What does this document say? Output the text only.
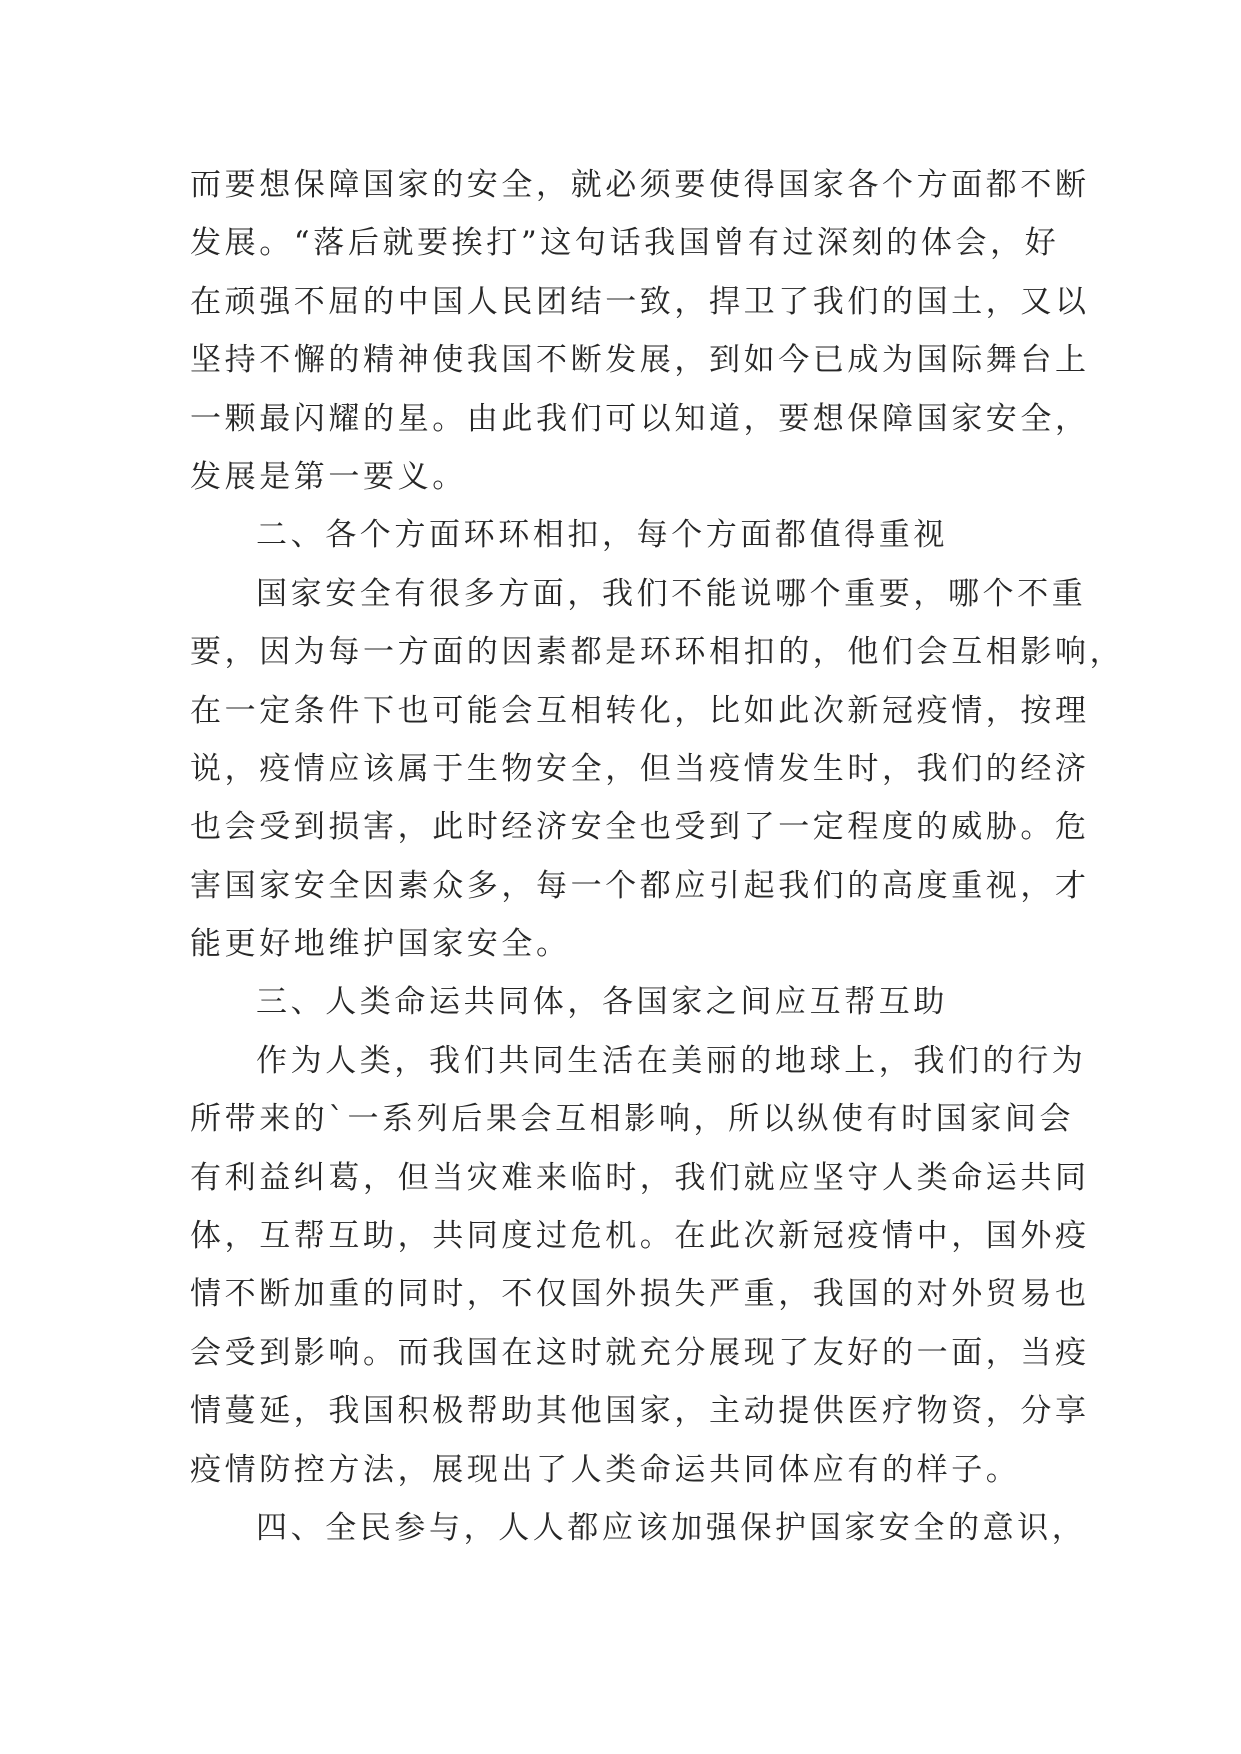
而要想保障国家的安全，就必须要使得国家各个方面都不断
发展。“落后就要挨打”这句话我国曾有过深刻的体会，好
在顽强不屈的中国人民团结一致，捍卫了我们的国土，又以
坚持不懈的精神使我国不断发展，到如今已成为国际舞台上
一颗最闪耀的星。由此我们可以知道，要想保障国家安全，
发展是第一要义。
二、各个方面环环相扣，每个方面都值得重视
国家安全有很多方面，我们不能说哪个重要，哪个不重
要，因为每一方面的因素都是环环相扣的，他们会互相影响，
在一定条件下也可能会互相转化，比如此次新冠疫情，按理
说，疫情应该属于生物安全，但当疫情发生时，我们的经济
也会受到损害，此时经济安全也受到了一定程度的威胁。危
害国家安全因素众多，每一个都应引起我们的高度重视，才
能更好地维护国家安全。
三、人类命运共同体，各国家之间应互帮互助
作为人类，我们共同生活在美丽的地球上，我们的行为
所带来的`一系列后果会互相影响，所以纵使有时国家间会
有利益纠葛，但当灾难来临时，我们就应坚守人类命运共同
体，互帮互助，共同度过危机。在此次新冠疫情中，国外疫
情不断加重的同时，不仅国外损失严重，我国的对外贸易也
会受到影响。而我国在这时就充分展现了友好的一面，当疫
情蔓延，我国积极帮助其他国家，主动提供医疗物资，分享
疫情防控方法，展现出了人类命运共同体应有的样子。
四、全民参与，人人都应该加强保护国家安全的意识，
